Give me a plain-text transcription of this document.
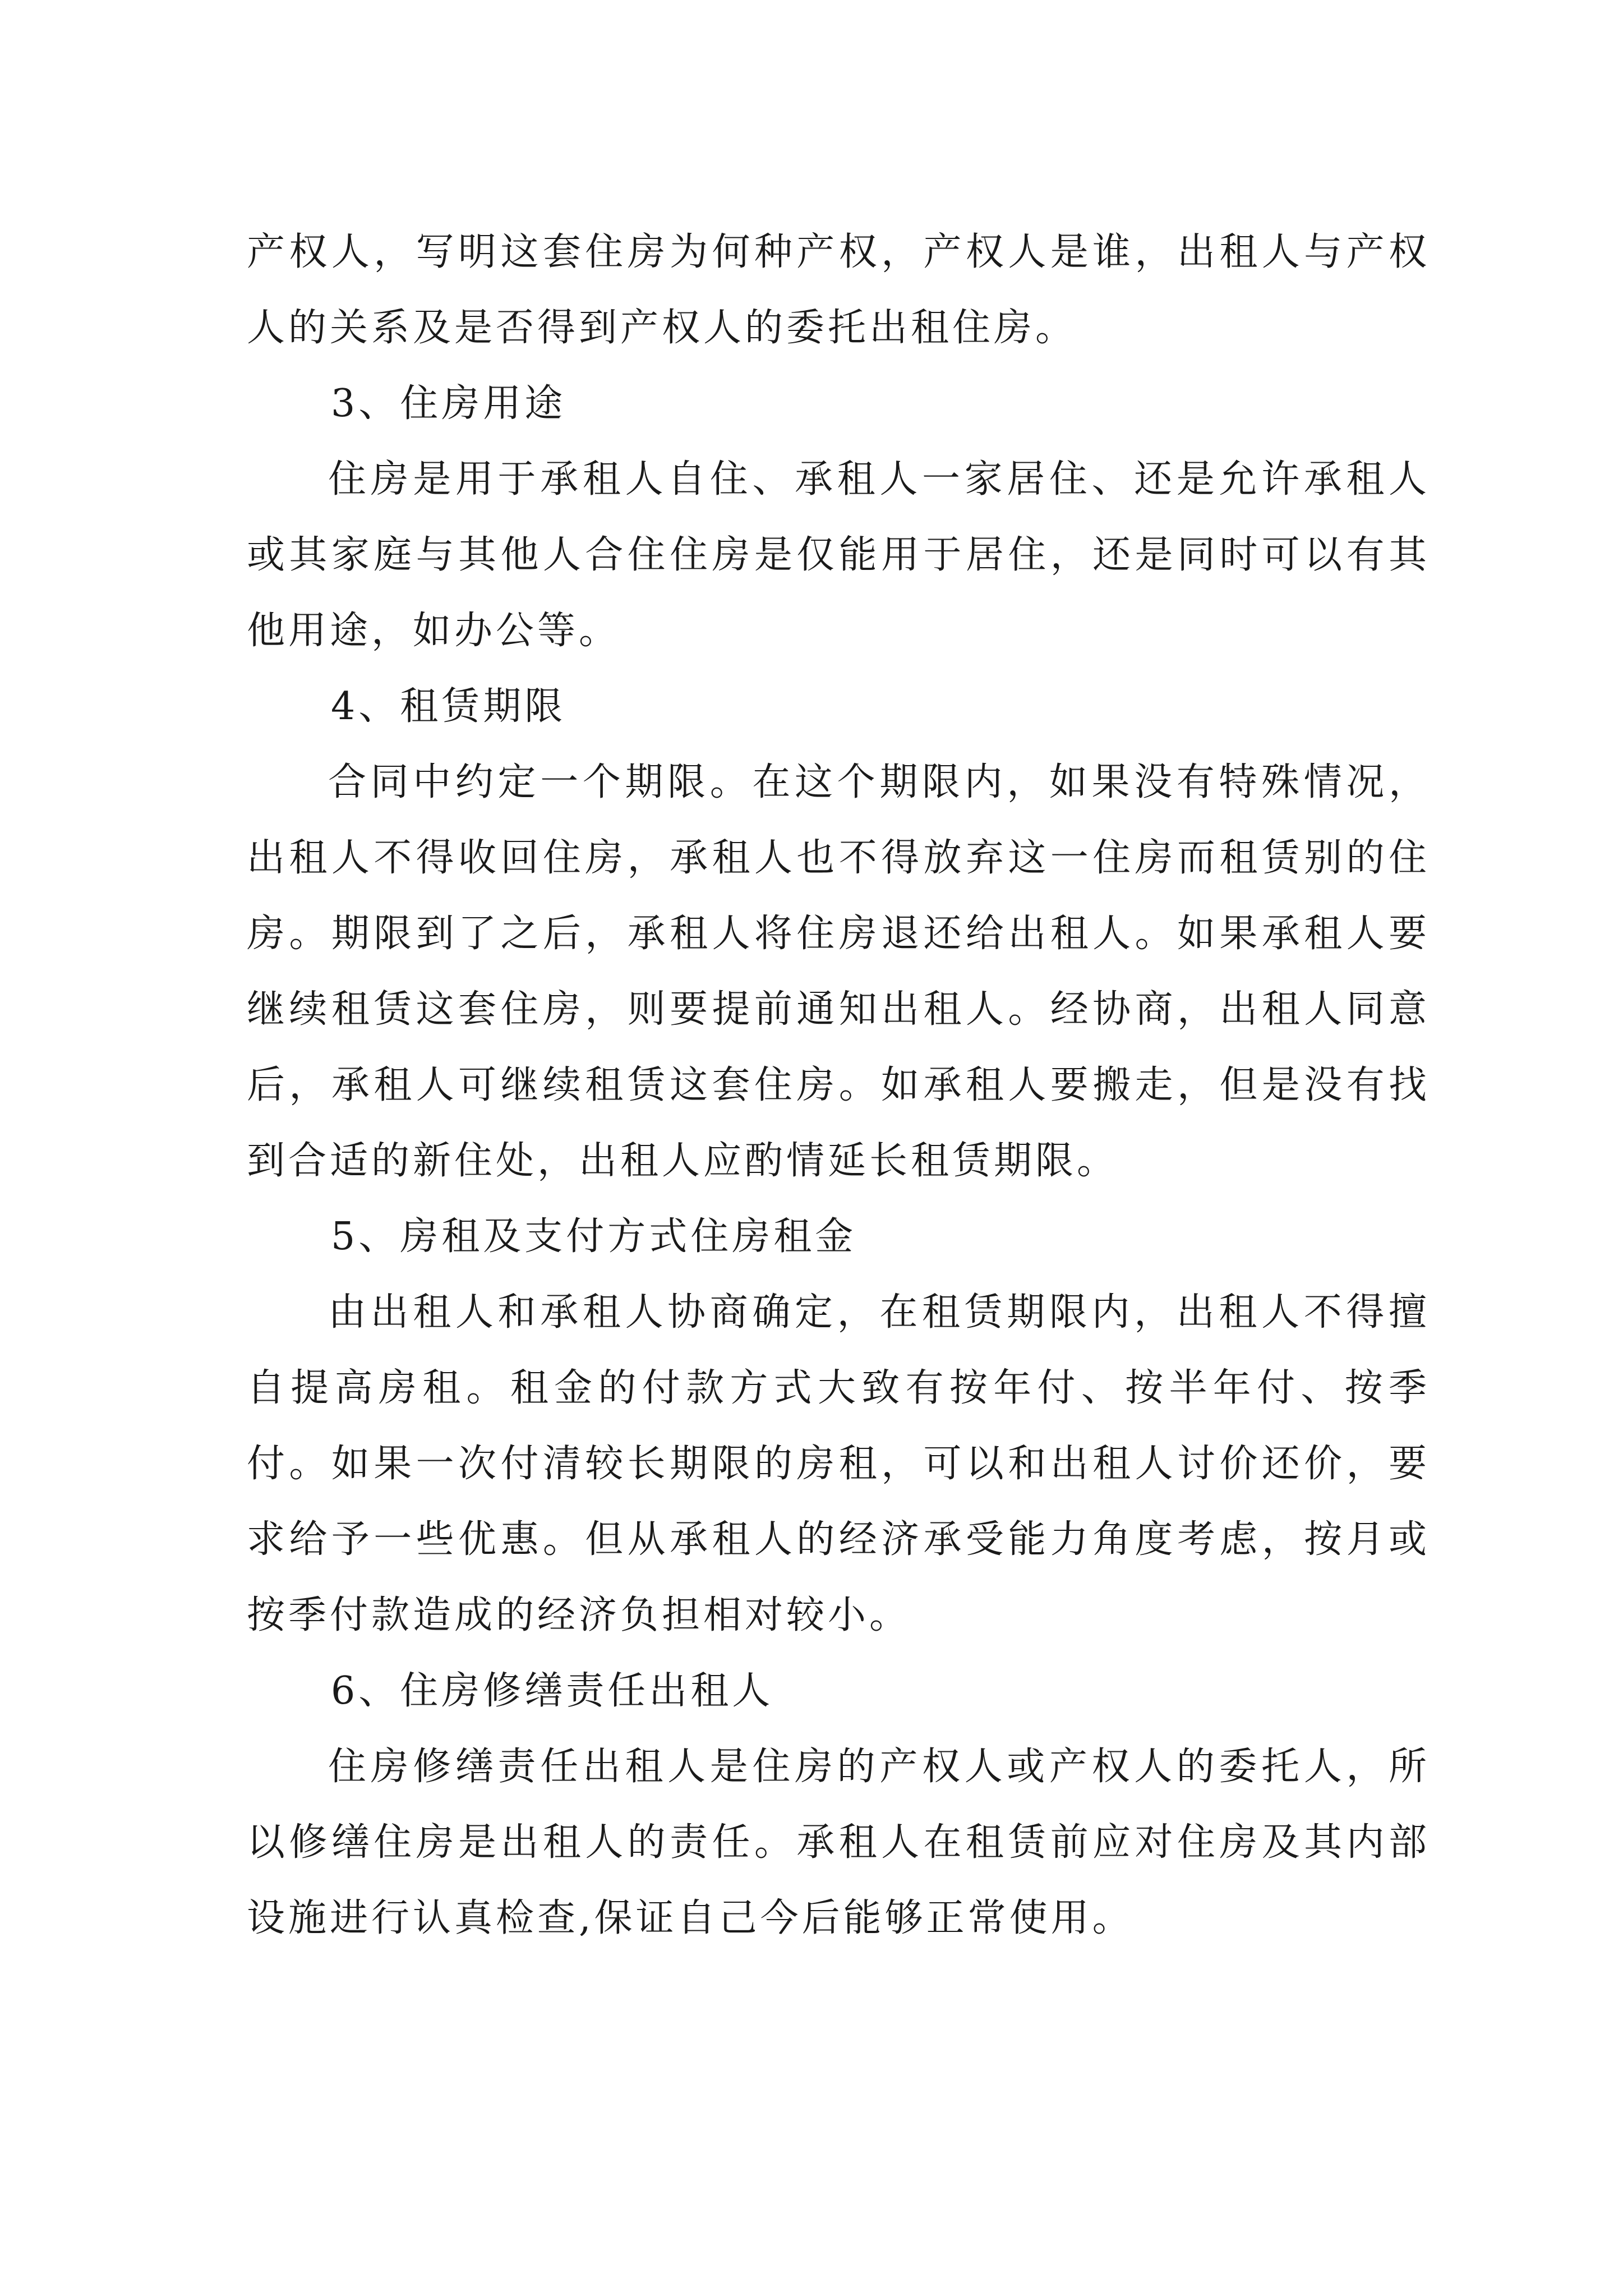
产权人，写明这套住房为何种产权，产权人是谁，出租人与产权人的关系及是否得到产权人的委托出租住房。

3、住房用途

住房是用于承租人自住、承租人一家居住、还是允许承租人或其家庭与其他人合住住房是仅能用于居住，还是同时可以有其他用途，如办公等。

4、租赁期限

合同中约定一个期限。在这个期限内，如果没有特殊情况，出租人不得收回住房，承租人也不得放弃这一住房而租赁别的住房。期限到了之后，承租人将住房退还给出租人。如果承租人要继续租赁这套住房，则要提前通知出租人。经协商，出租人同意后，承租人可继续租赁这套住房。如承租人要搬走，但是没有找到合适的新住处，出租人应酌情延长租赁期限。

5、房租及支付方式住房租金

由出租人和承租人协商确定，在租赁期限内，出租人不得擅自提高房租。租金的付款方式大致有按年付、按半年付、按季付。如果一次付清较长期限的房租，可以和出租人讨价还价，要求给予一些优惠。但从承租人的经济承受能力角度考虑，按月或按季付款造成的经济负担相对较小。

6、住房修缮责任出租人

住房修缮责任出租人是住房的产权人或产权人的委托人，所以修缮住房是出租人的责任。承租人在租赁前应对住房及其内部设施进行认真检查,保证自己今后能够正常使用。
